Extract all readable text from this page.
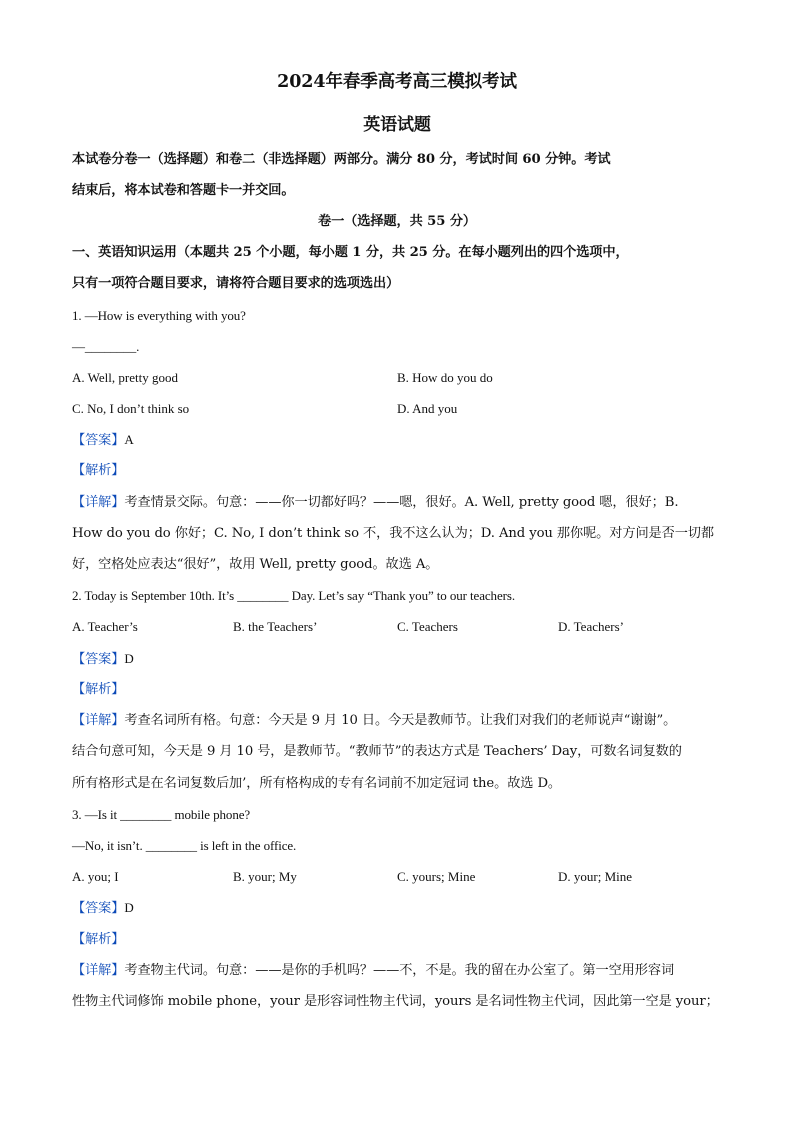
2024年春季高考高三模拟考试
英语试题
本试卷分卷一（选择题）和卷二（非选择题）两部分。满分 80 分，考试时间 60 分钟。考试
结束后，将本试卷和答题卡一并交回。
卷一（选择题，共 55 分）
一、英语知识运用（本题共 25 个小题，每小题 1 分，共 25 分。在每小题列出的四个选项中，
只有一项符合题目要求，请将符合题目要求的选项选出）
1. —How is everything with you?
—________.
A. Well, pretty good	B. How do you do
C. No, I don’t think so	D. And you
【答案】A
【解析】
【详解】考查情景交际。句意：——你一切都好吗？——嗯，很好。A. Well, pretty good 嗯，很好；B.
How do you do 你好；C. No, I don’t think so 不，我不这么认为；D. And you 那你呢。对方问是否一切都
好，空格处应表达“很好”，故用 Well, pretty good。故选 A。
2. Today is September 10th. It’s ________ Day. Let’s say “Thank you” to our teachers.
A. Teacher’s	B. the Teachers’	C. Teachers	D. Teachers’
【答案】D
【解析】
【详解】考查名词所有格。句意：今天是 9 月 10 日。今天是教师节。让我们对我们的老师说声“谢谢”。
结合句意可知，今天是 9 月 10 号，是教师节。“教师节”的表达方式是 Teachers’ Day，可数名词复数的
所有格形式是在名词复数后加’，所有格构成的专有名词前不加定冠词 the。故选 D。
3. —Is it ________ mobile phone?
—No, it isn’t. ________ is left in the office.
A. you; I	B. your; My	C. yours; Mine	D. your; Mine
【答案】D
【解析】
【详解】考查物主代词。句意：——是你的手机吗？——不，不是。我的留在办公室了。第一空用形容词
性物主代词修饰 mobile phone，your 是形容词性物主代词，yours 是名词性物主代词，因此第一空是 your；
